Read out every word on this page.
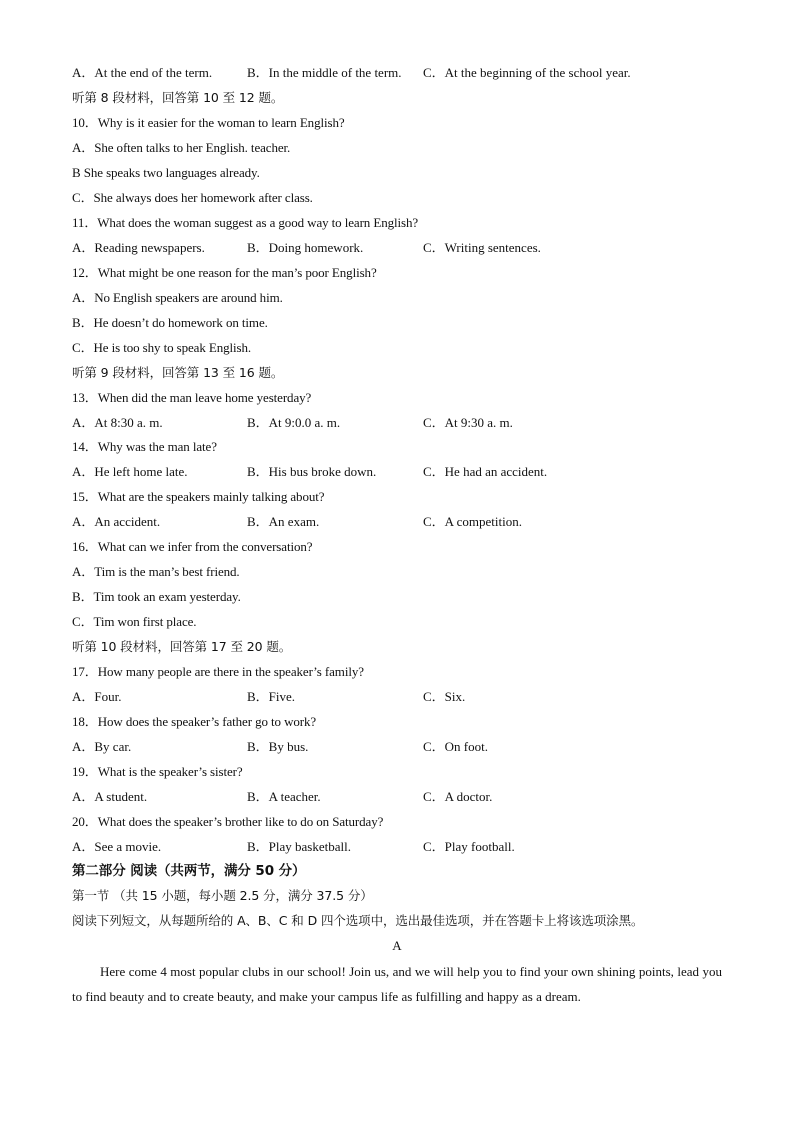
A．At the end of the term.	B．In the middle of the term. C．At the beginning of the school year.
听第 8 段材料，回答第 10 至 12 题。
10．Why is it easier for the woman to learn English?
A．She often talks to her English. teacher.
B She speaks two languages already.
C．She always does her homework after class.
11．What does the woman suggest as a good way to learn English?
A．Reading newspapers.	B．Doing homework.	C．Writing sentences.
12．What might be one reason for the man’s poor English?
A．No English speakers are around him.
B．He doesn’t do homework on time.
C．He is too shy to speak English.
听第 9 段材料，回答第 13 至 16 题。
13．When did the man leave home yesterday?
A．At 8:30 a. m.	B．At 9:0.0 a. m.	C．At 9:30 a. m.
14．Why was the man late?
A．He left home late.	B．His bus broke down.	C．He had an accident.
15．What are the speakers mainly talking about?
A．An accident.	B．An exam.	C．A competition.
16．What can we infer from the conversation?
A．Tim is the man’s best friend.
B．Tim took an exam yesterday.
C．Tim won first place.
听第 10 段材料，回答第 17 至 20 题。
17．How many people are there in the speaker’s family?
A．Four.	B．Five.	C．Six.
18．How does the speaker’s father go to work?
A．By car.	B．By bus.	C．On foot.
19．What is the speaker’s sister?
A．A student.	B．A teacher.	C．A doctor.
20．What does the speaker’s brother like to do on Saturday?
A．See a movie.	B．Play basketball.	C．Play football.
第二部分 阅读（共两节，满分 50 分）
第一节 （共 15 小题，每小题 2.5 分，满分 37.5 分）
阅读下列短文，从每题所给的 A、B、C 和 D 四个选项中，选出最佳选项，并在答题卡上将该选项涂黑。
A
Here come 4 most popular clubs in our school! Join us, and we will help you to find your own shining points, lead you to find beauty and to create beauty, and make your campus life as fulfilling and happy as a dream.
